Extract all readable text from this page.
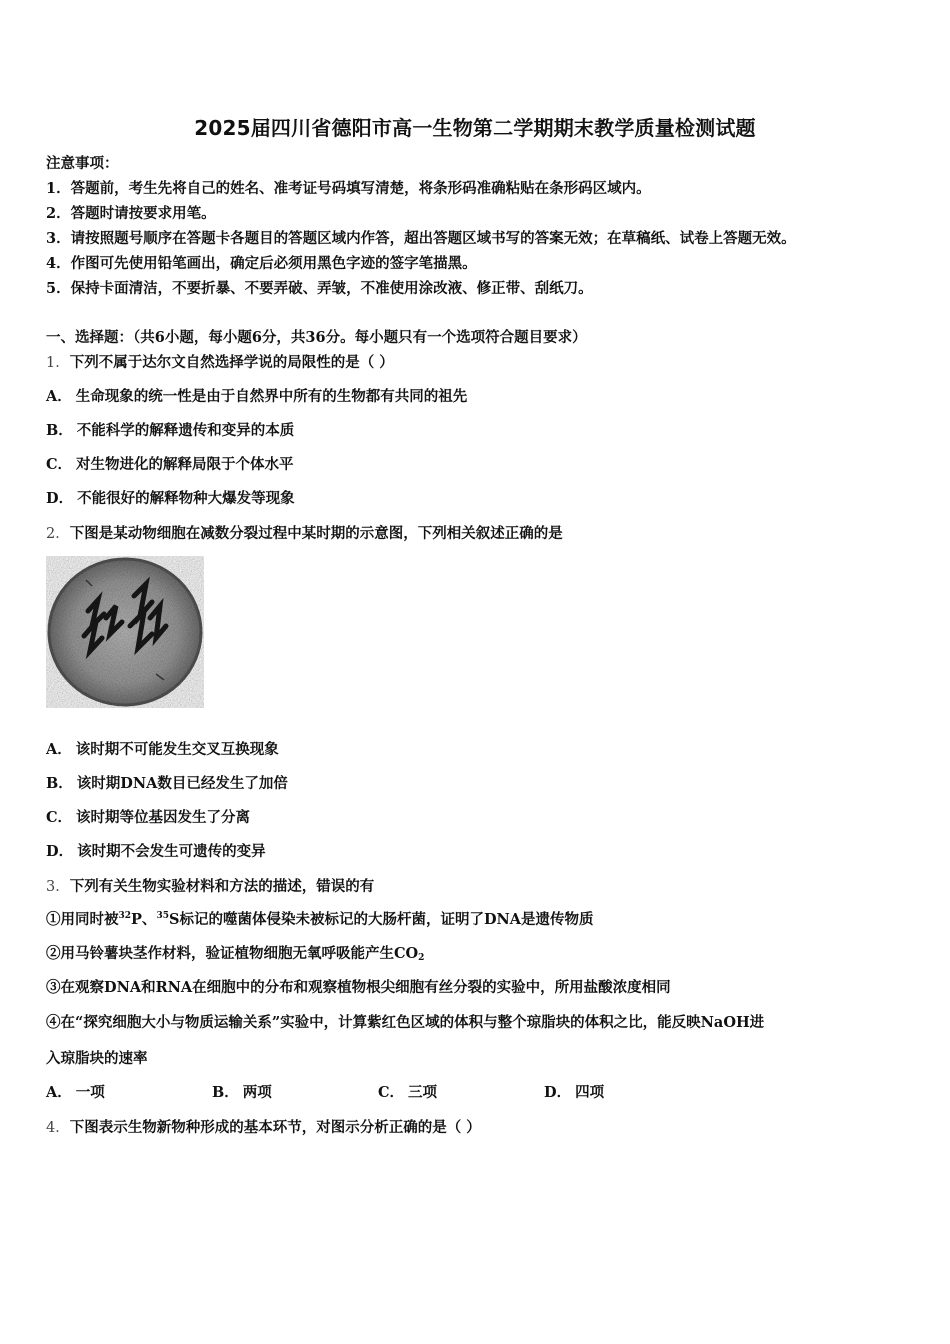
2025届四川省德阳市高一生物第二学期期末教学质量检测试题
注意事项：
1．答题前，考生先将自己的姓名、准考证号码填写清楚，将条形码准确粘贴在条形码区域内。
2．答题时请按要求用笔。
3．请按照题号顺序在答题卡各题目的答题区域内作答，超出答题区域书写的答案无效；在草稿纸、试卷上答题无效。
4．作图可先使用铅笔画出，确定后必须用黑色字迹的签字笔描黑。
5．保持卡面清洁，不要折暴、不要弄破、弄皱，不准使用涂改液、修正带、刮纸刀。
一、选择题：（共6小题，每小题6分，共36分。每小题只有一个选项符合题目要求）
1．下列不属于达尔文自然选择学说的局限性的是（ ）
A． 生命现象的统一性是由于自然界中所有的生物都有共同的祖先
B． 不能科学的解释遗传和变异的本质
C． 对生物进化的解释局限于个体水平
D． 不能很好的解释物种大爆发等现象
2．下图是某动物细胞在减数分裂过程中某时期的示意图，下列相关叙述正确的是
A． 该时期不可能发生交叉互换现象
B． 该时期DNA数目已经发生了加倍
C． 该时期等位基因发生了分离
D． 该时期不会发生可遗传的变异
3．下列有关生物实验材料和方法的描述，错误的有
①用同时被$^{32}$P、$^{35}$S标记的噬菌体侵染未被标记的大肠杆菌，证明了DNA是遗传物质
②用马铃薯块茎作材料，验证植物细胞无氧呼吸能产生$CO_2$
③在观察DNA和RNA在细胞中的分布和观察植物根尖细胞有丝分裂的实验中，所用盐酸浓度相同
④在“探究细胞大小与物质运输关系”实验中，计算紫红色区域的体积与整个琼脂块的体积之比，能反映NaOH进
入琼脂块的速率
A． 一项	B． 两项	C． 三项	D． 四项
4．下图表示生物新物种形成的基本环节，对图示分析正确的是（ ）
